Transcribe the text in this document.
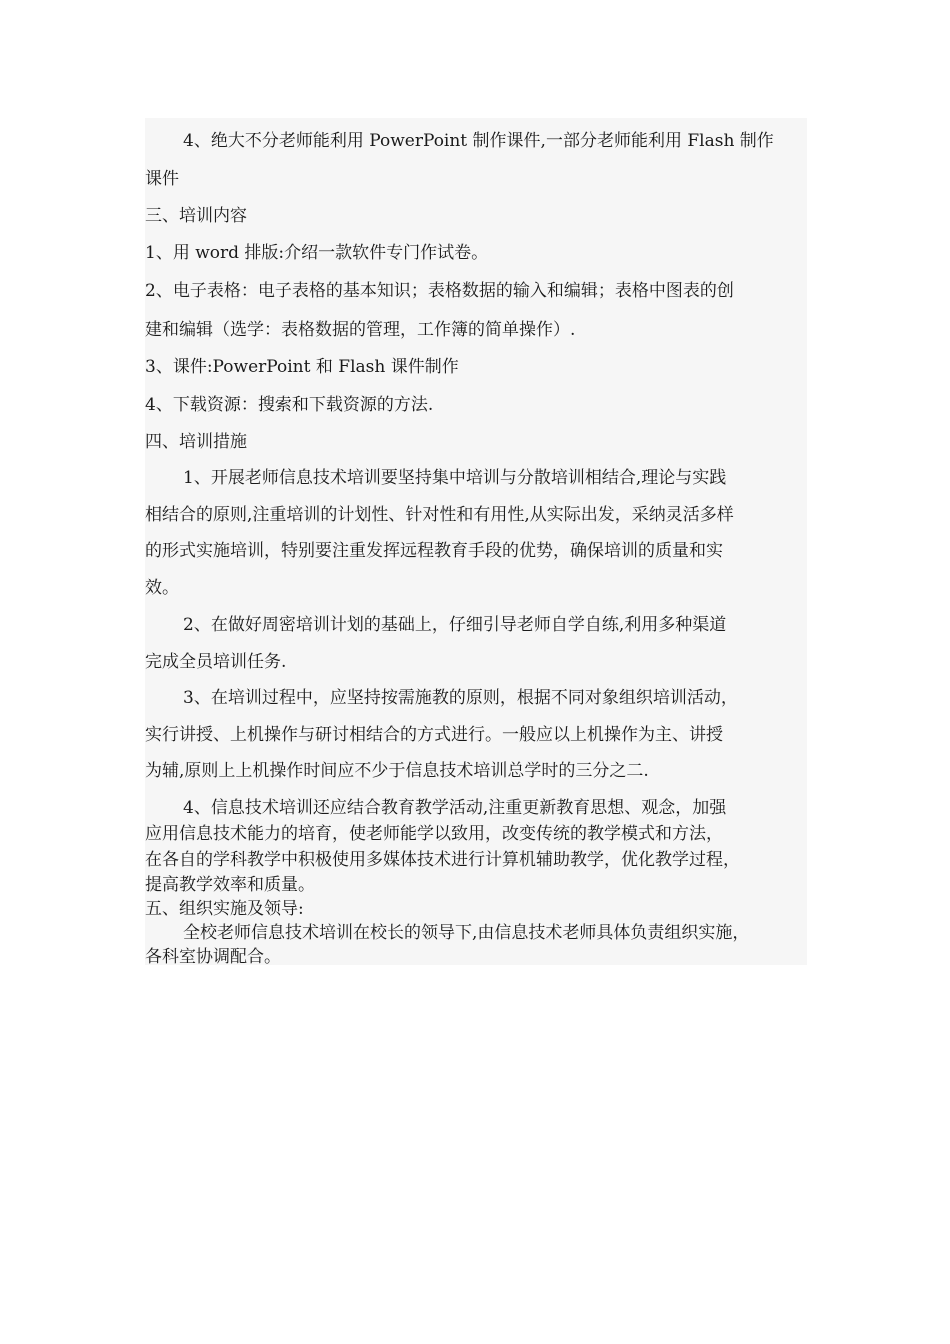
4、绝大不分老师能利用 PowerPoint 制作课件,一部分老师能利用 Flash 制作

课件

三、培训内容

1、用 word 排版:介绍一款软件专门作试卷。

2、电子表格：电子表格的基本知识；表格数据的输入和编辑；表格中图表的创

建和编辑（选学：表格数据的管理，工作簿的简单操作）.

3、课件:PowerPoint 和 Flash 课件制作

4、下载资源：搜索和下载资源的方法.

四、培训措施

1、开展老师信息技术培训要坚持集中培训与分散培训相结合,理论与实践

相结合的原则,注重培训的计划性、针对性和有用性,从实际出发，采纳灵活多样

的形式实施培训，特别要注重发挥远程教育手段的优势，确保培训的质量和实

效。

2、在做好周密培训计划的基础上，仔细引导老师自学自练,利用多种渠道

完成全员培训任务.

3、在培训过程中，应坚持按需施教的原则，根据不同对象组织培训活动，

实行讲授、上机操作与研讨相结合的方式进行。一般应以上机操作为主、讲授

为辅,原则上上机操作时间应不少于信息技术培训总学时的三分之二.

4、信息技术培训还应结合教育教学活动,注重更新教育思想、观念，加强

应用信息技术能力的培育，使老师能学以致用，改变传统的教学模式和方法，

在各自的学科教学中积极使用多媒体技术进行计算机辅助教学，优化教学过程，

提高教学效率和质量。

五、组织实施及领导:

全校老师信息技术培训在校长的领导下,由信息技术老师具体负责组织实施，

各科室协调配合。
